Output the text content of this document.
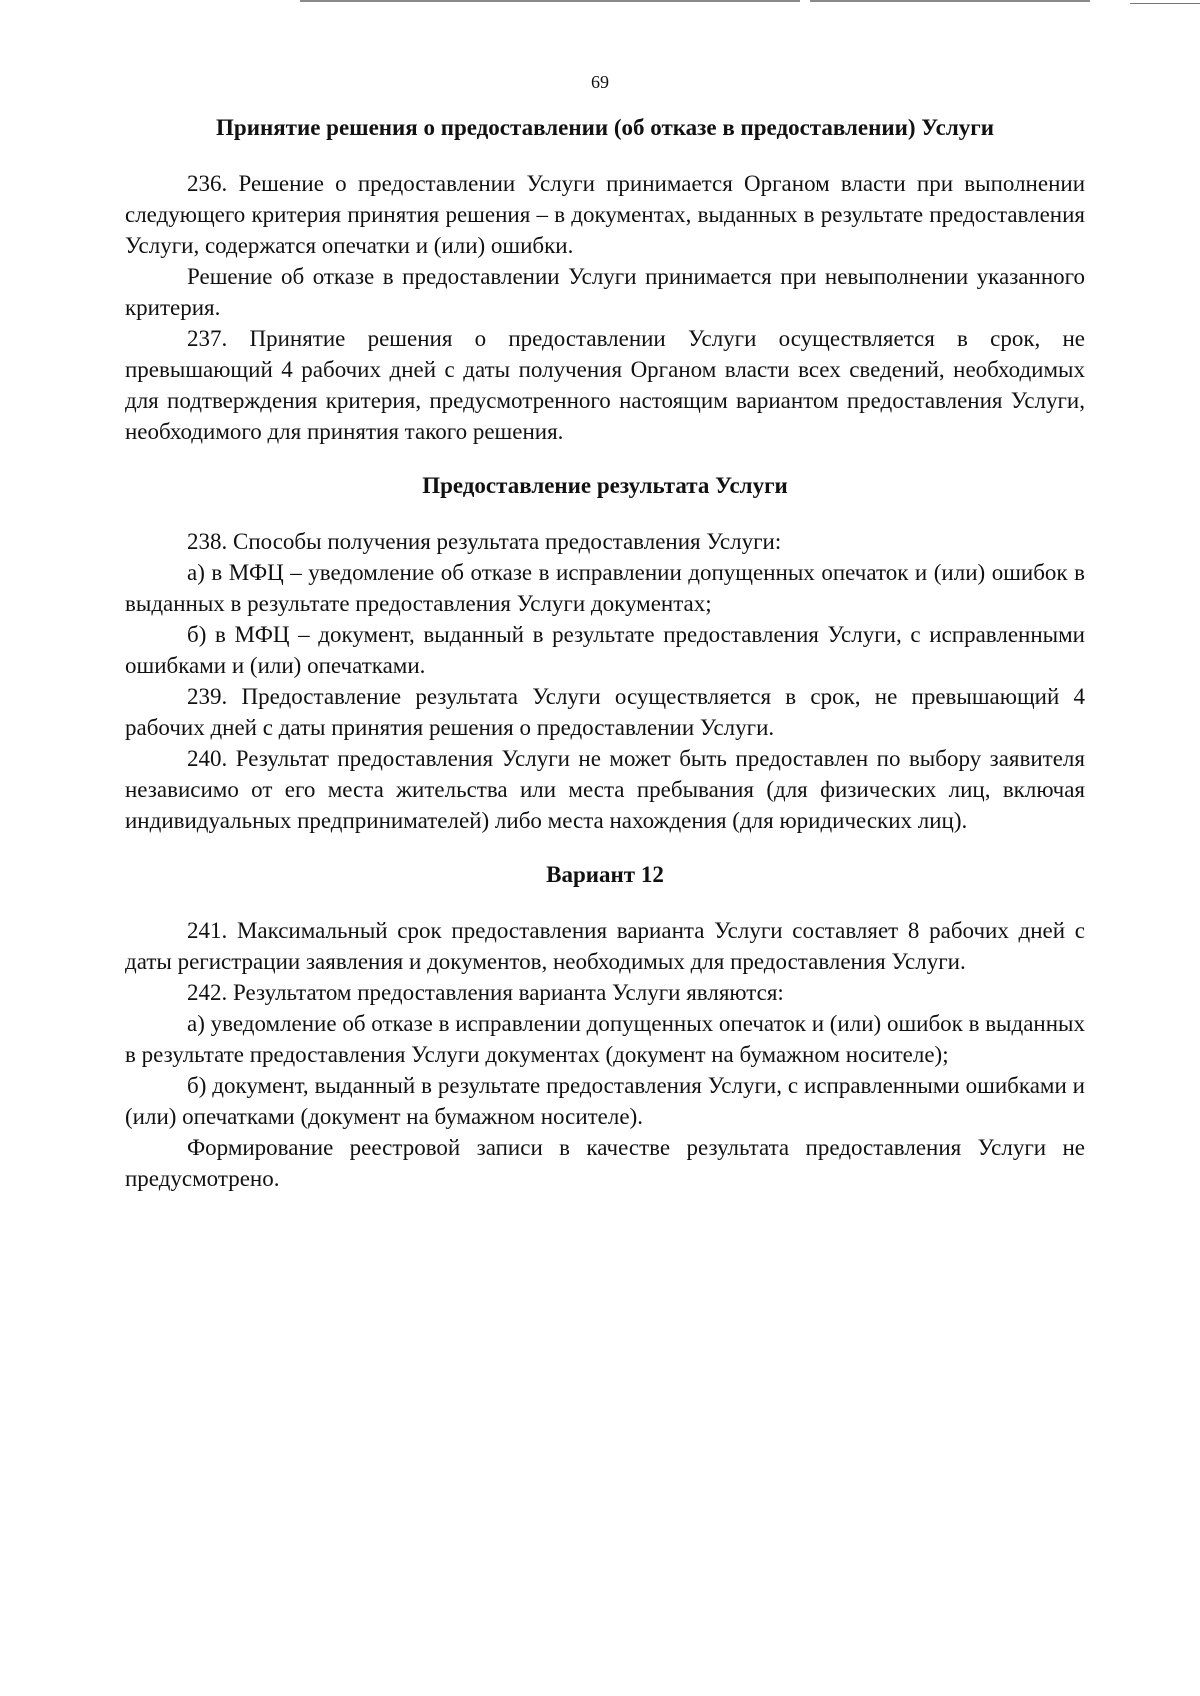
69
Принятие решения о предоставлении (об отказе в предоставлении) Услуги

236. Решение о предоставлении Услуги принимается Органом власти при выполнении следующего критерия принятия решения – в документах, выданных в результате предоставления Услуги, содержатся опечатки и (или) ошибки.

Решение об отказе в предоставлении Услуги принимается при невыполнении указанного критерия.

237. Принятие решения о предоставлении Услуги осуществляется в срок, не превышающий 4 рабочих дней с даты получения Органом власти всех сведений, необходимых для подтверждения критерия, предусмотренного настоящим вариантом предоставления Услуги, необходимого для принятия такого решения.

Предоставление результата Услуги

238. Способы получения результата предоставления Услуги:

а) в МФЦ – уведомление об отказе в исправлении допущенных опечаток и (или) ошибок в выданных в результате предоставления Услуги документах;

б) в МФЦ – документ, выданный в результате предоставления Услуги, с исправленными ошибками и (или) опечатками.

239. Предоставление результата Услуги осуществляется в срок, не превышающий 4 рабочих дней с даты принятия решения о предоставлении Услуги.

240. Результат предоставления Услуги не может быть предоставлен по выбору заявителя независимо от его места жительства или места пребывания (для физических лиц, включая индивидуальных предпринимателей) либо места нахождения (для юридических лиц).

Вариант 12

241. Максимальный срок предоставления варианта Услуги составляет 8 рабочих дней с даты регистрации заявления и документов, необходимых для предоставления Услуги.

242. Результатом предоставления варианта Услуги являются:

а) уведомление об отказе в исправлении допущенных опечаток и (или) ошибок в выданных в результате предоставления Услуги документах (документ на бумажном носителе);

б) документ, выданный в результате предоставления Услуги, с исправленными ошибками и (или) опечатками (документ на бумажном носителе).

Формирование реестровой записи в качестве результата предоставления Услуги не предусмотрено.
